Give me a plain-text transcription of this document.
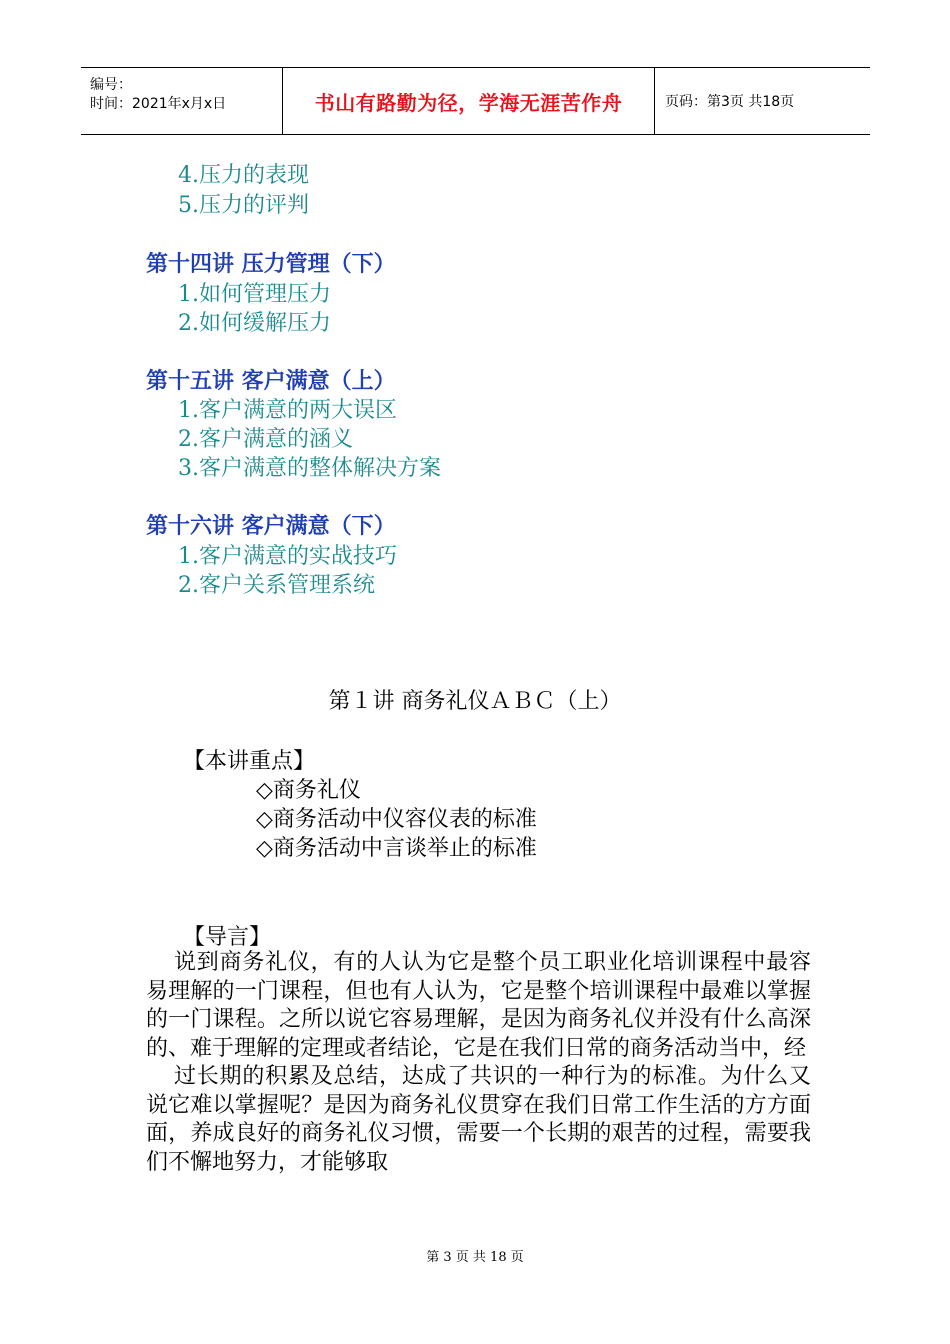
编号：
时间：2021年x月x日	书山有路勤为径，学海无涯苦作舟	页码：第3页 共18页
4.压力的表现
5.压力的评判
第十四讲 压力管理（下）
1.如何管理压力
2.如何缓解压力
第十五讲 客户满意（上）
1.客户满意的两大误区
2.客户满意的涵义
3.客户满意的整体解决方案
第十六讲 客户满意（下）
1.客户满意的实战技巧
2.客户关系管理系统
第１讲 商务礼仪ＡＢＣ（上）
【本讲重点】
◇商务礼仪
◇商务活动中仪容仪表的标准
◇商务活动中言谈举止的标准
【导言】

说到商务礼仪，有的人认为它是整个员工职业化培训课程中最容易理解的一门课程，但也有人认为，它是整个培训课程中最难以掌握的一门课程。之所以说它容易理解，是因为商务礼仪并没有什么高深的、难于理解的定理或者结论，它是在我们日常的商务活动当中，经

过长期的积累及总结，达成了共识的一种行为的标准。为什么又说它难以掌握呢？是因为商务礼仪贯穿在我们日常工作生活的方方面面，养成良好的商务礼仪习惯，需要一个长期的艰苦的过程，需要我们不懈地努力，才能够取

第 3 页 共 18 页
